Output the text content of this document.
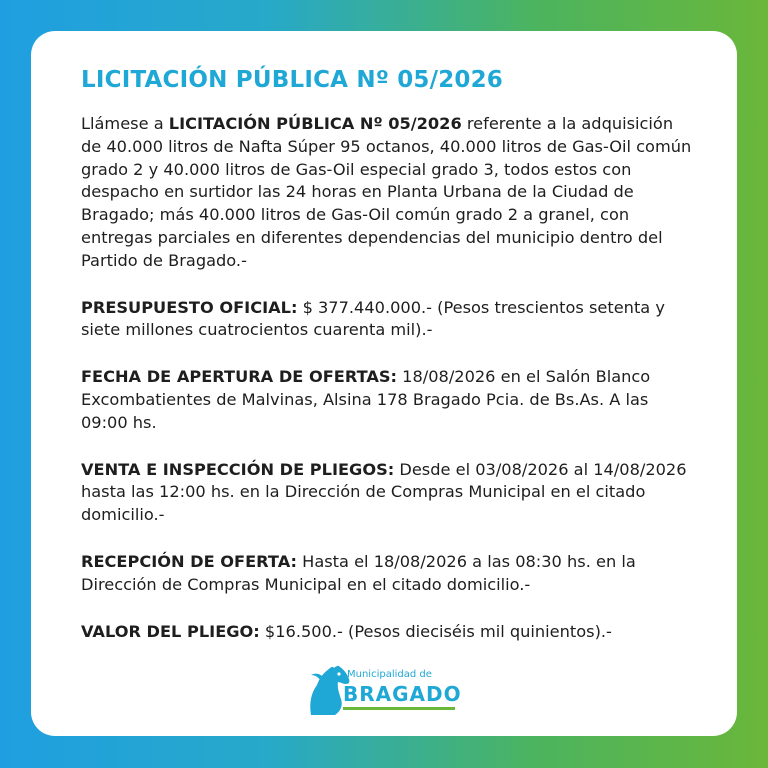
LICITACIÓN PÚBLICA Nº 05/2026

Llámese a LICITACIÓN PÚBLICA Nº 05/2026 referente a la adquisición de 40.000 litros de Nafta Súper 95 octanos, 40.000 litros de Gas-Oil común grado 2 y 40.000 litros de Gas-Oil especial grado 3, todos estos con despacho en surtidor las 24 horas en Planta Urbana de la Ciudad de Bragado; más 40.000 litros de Gas-Oil común grado 2 a granel, con entregas parciales en diferentes dependencias del municipio dentro del Partido de Bragado.-

PRESUPUESTO OFICIAL: $ 377.440.000.- (Pesos trescientos setenta y siete millones cuatrocientos cuarenta mil).-

FECHA DE APERTURA DE OFERTAS: 18/08/2026 en el Salón Blanco Excombatientes de Malvinas, Alsina 178 Bragado Pcia. de Bs.As. A las 09:00 hs.

VENTA E INSPECCIÓN DE PLIEGOS: Desde el 03/08/2026 al 14/08/2026 hasta las 12:00 hs. en la Dirección de Compras Municipal en el citado domicilio.-

RECEPCIÓN DE OFERTA: Hasta el 18/08/2026 a las 08:30 hs. en la Dirección de Compras Municipal en el citado domicilio.-

VALOR DEL PLIEGO: $16.500.- (Pesos dieciséis mil quinientos).-

Municipalidad de
BRAGADO
